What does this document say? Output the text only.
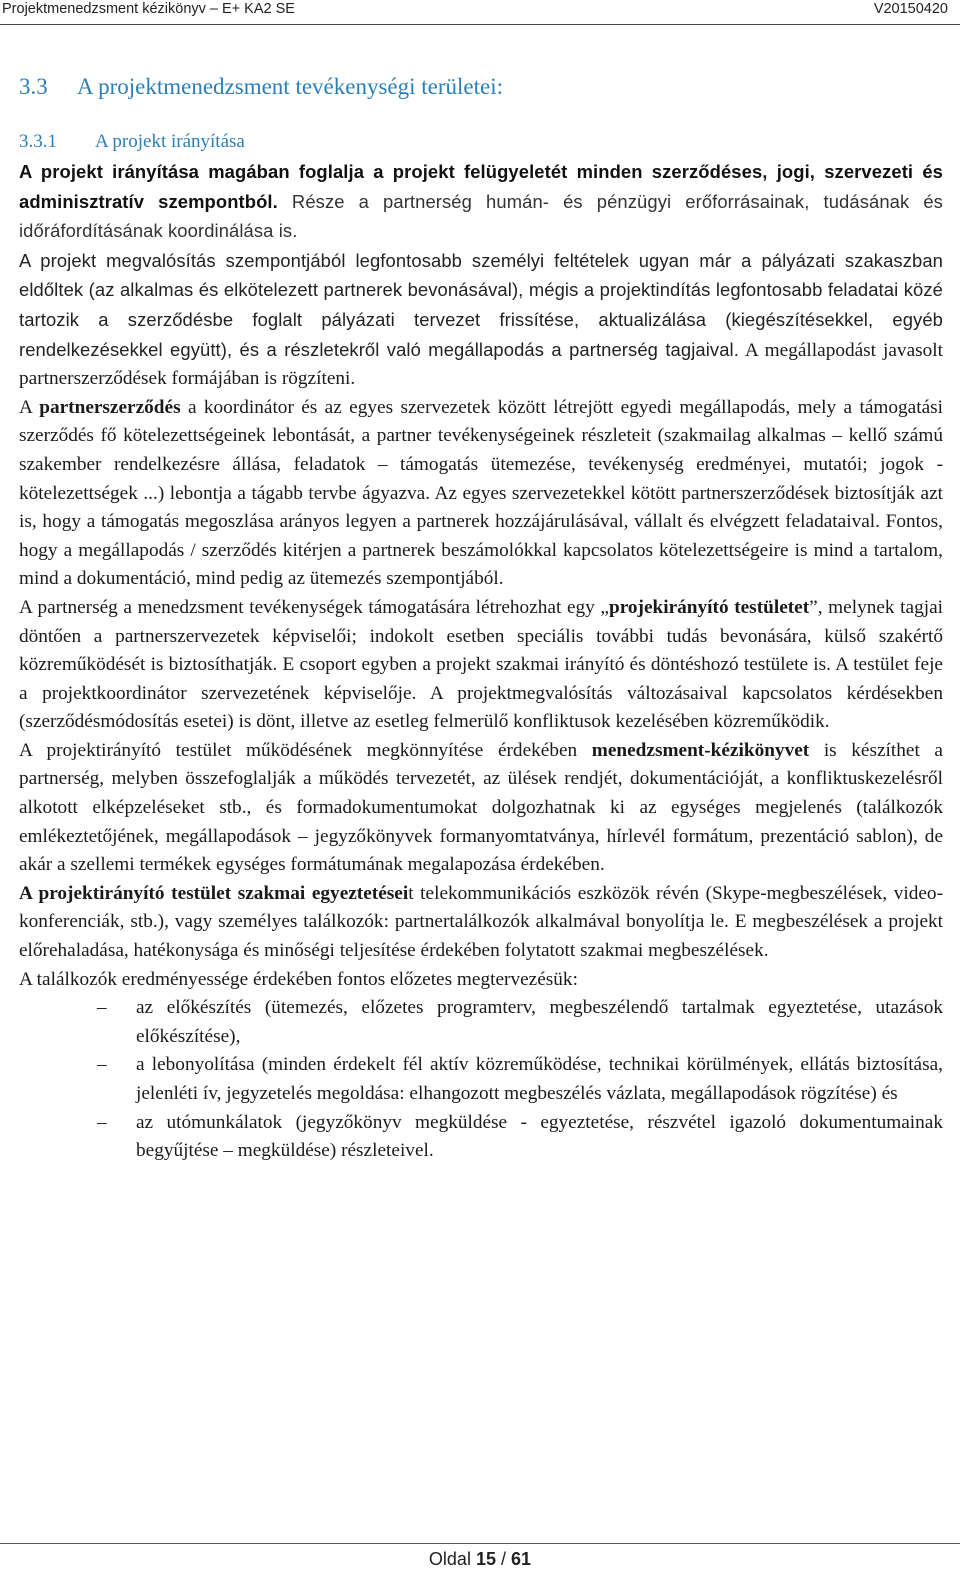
Projektmenedzsment kézikönyv – E+ KA2 SE	V20150420
3.3 A projektmenedzsment tevékenységi területei:
3.3.1 A projekt irányítása

A projekt irányítása magában foglalja a projekt felügyeletét minden szerződéses, jogi, szervezeti és adminisztratív szempontból. Része a partnerség humán- és pénzügyi erőforrásainak, tudásának és időráfordításának koordinálása is.

A projekt megvalósítás szempontjából legfontosabb személyi feltételek ugyan már a pályázati szakaszban eldőltek (az alkalmas és elkötelezett partnerek bevonásával), mégis a projektindítás legfontosabb feladatai közé tartozik a szerződésbe foglalt pályázati tervezet frissítése, aktualizálása (kiegészítésekkel, egyéb rendelkezésekkel együtt), és a részletekről való megállapodás a partnerség tagjaival. A megállapodást javasolt partnerszerződések formájában is rögzíteni.

A partnerszerződés a koordinátor és az egyes szervezetek között létrejött egyedi megállapodás, mely a támogatási szerződés fő kötelezettségeinek lebontását, a partner tevékenységeinek részleteit (szakmailag alkalmas – kellő számú szakember rendelkezésre állása, feladatok – támogatás ütemezése, tevékenység eredményei, mutatói; jogok - kötelezettségek ...) lebontja a tágabb tervbe ágyazva. Az egyes szervezetekkel kötött partnerszerződések biztosítják azt is, hogy a támogatás megoszlása arányos legyen a partnerek hozzájárulásával, vállalt és elvégzett feladataival. Fontos, hogy a megállapodás / szerződés kitérjen a partnerek beszámolókkal kapcsolatos kötelezettségeire is mind a tartalom, mind a dokumentáció, mind pedig az ütemezés szempontjából.

A partnerség a menedzsment tevékenységek támogatására létrehozhat egy „projekirányító testületet”, melynek tagjai döntően a partnerszervezetek képviselői; indokolt esetben speciális további tudás bevonására, külső szakértő közreműködését is biztosíthatják. E csoport egyben a projekt szakmai irányító és döntéshozó testülete is. A testület feje a projektkoordinátor szervezetének képviselője. A projektmegvalósítás változásaival kapcsolatos kérdésekben (szerződésmódosítás esetei) is dönt, illetve az esetleg felmerülő konfliktusok kezelésében közreműködik.

A projektirányító testület működésének megkönnyítése érdekében menedzsment-kézikönyvet is készíthet a partnerség, melyben összefoglalják a működés tervezetét, az ülések rendjét, dokumentációját, a konfliktuskezelésről alkotott elképzeléseket stb., és formadokumentumokat dolgozhatnak ki az egységes megjelenés (találkozók emlékeztetőjének, megállapodások – jegyzőkönyvek formanyomtatványa, hírlevél formátum, prezentáció sablon), de akár a szellemi termékek egységes formátumának megalapozása érdekében.

A projektirányító testület szakmai egyeztetéseit telekommunikációs eszközök révén (Skype-megbeszélések, video-konferenciák, stb.), vagy személyes találkozók: partnertalálkozók alkalmával bonyolítja le. E megbeszélések a projekt előrehaladása, hatékonysága és minőségi teljesítése érdekében folytatott szakmai megbeszélések.

A találkozók eredményessége érdekében fontos előzetes megtervezésük:

– az előkészítés (ütemezés, előzetes programterv, megbeszélendő tartalmak egyeztetése, utazások előkészítése),
– a lebonyolítása (minden érdekelt fél aktív közreműködése, technikai körülmények, ellátás biztosítása, jelenléti ív, jegyzetelés megoldása: elhangozott megbeszélés vázlata, megállapodások rögzítése) és
– az utómunkálatok (jegyzőkönyv megküldése - egyeztetése, részvétel igazoló dokumentumainak begyűjtése – megküldése) részleteivel.
Oldal 15 / 61
